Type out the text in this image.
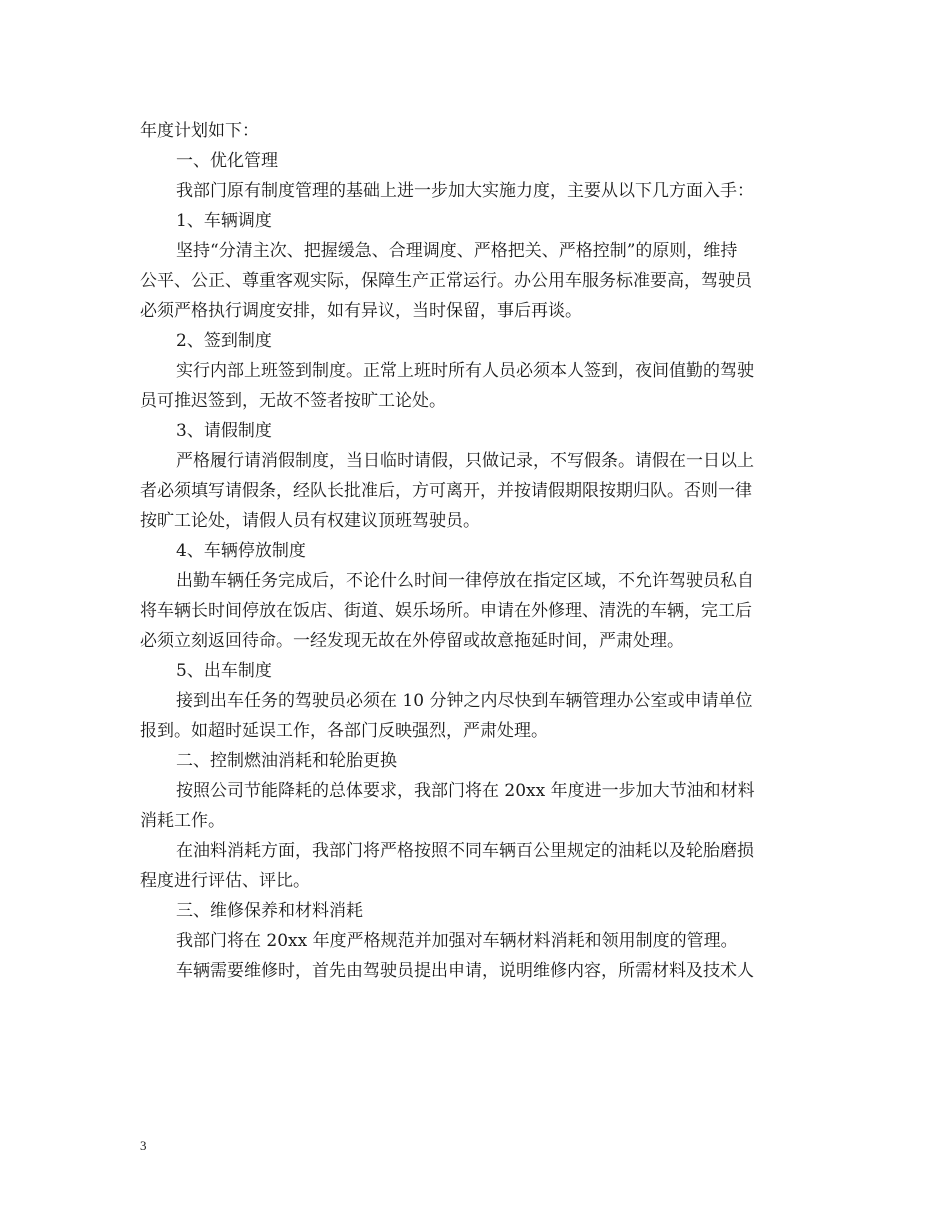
年度计划如下：
一、优化管理
我部门原有制度管理的基础上进一步加大实施力度，主要从以下几方面入手：
1、车辆调度
坚持“分清主次、把握缓急、合理调度、严格把关、严格控制”的原则，维持
公平、公正、尊重客观实际，保障生产正常运行。办公用车服务标准要高，驾驶员
必须严格执行调度安排，如有异议，当时保留，事后再谈。
2、签到制度
实行内部上班签到制度。正常上班时所有人员必须本人签到，夜间值勤的驾驶
员可推迟签到，无故不签者按旷工论处。
3、请假制度
严格履行请消假制度，当日临时请假，只做记录，不写假条。请假在一日以上
者必须填写请假条，经队长批准后，方可离开，并按请假期限按期归队。否则一律
按旷工论处，请假人员有权建议顶班驾驶员。
4、车辆停放制度
出勤车辆任务完成后，不论什么时间一律停放在指定区域，不允许驾驶员私自
将车辆长时间停放在饭店、街道、娱乐场所。申请在外修理、清洗的车辆，完工后
必须立刻返回待命。一经发现无故在外停留或故意拖延时间，严肃处理。
5、出车制度
接到出车任务的驾驶员必须在 10 分钟之内尽快到车辆管理办公室或申请单位
报到。如超时延误工作，各部门反映强烈，严肃处理。
二、控制燃油消耗和轮胎更换
按照公司节能降耗的总体要求，我部门将在 20xx 年度进一步加大节油和材料
消耗工作。
在油料消耗方面，我部门将严格按照不同车辆百公里规定的油耗以及轮胎磨损
程度进行评估、评比。
三、维修保养和材料消耗
我部门将在 20xx 年度严格规范并加强对车辆材料消耗和领用制度的管理。
车辆需要维修时，首先由驾驶员提出申请，说明维修内容，所需材料及技术人
3
